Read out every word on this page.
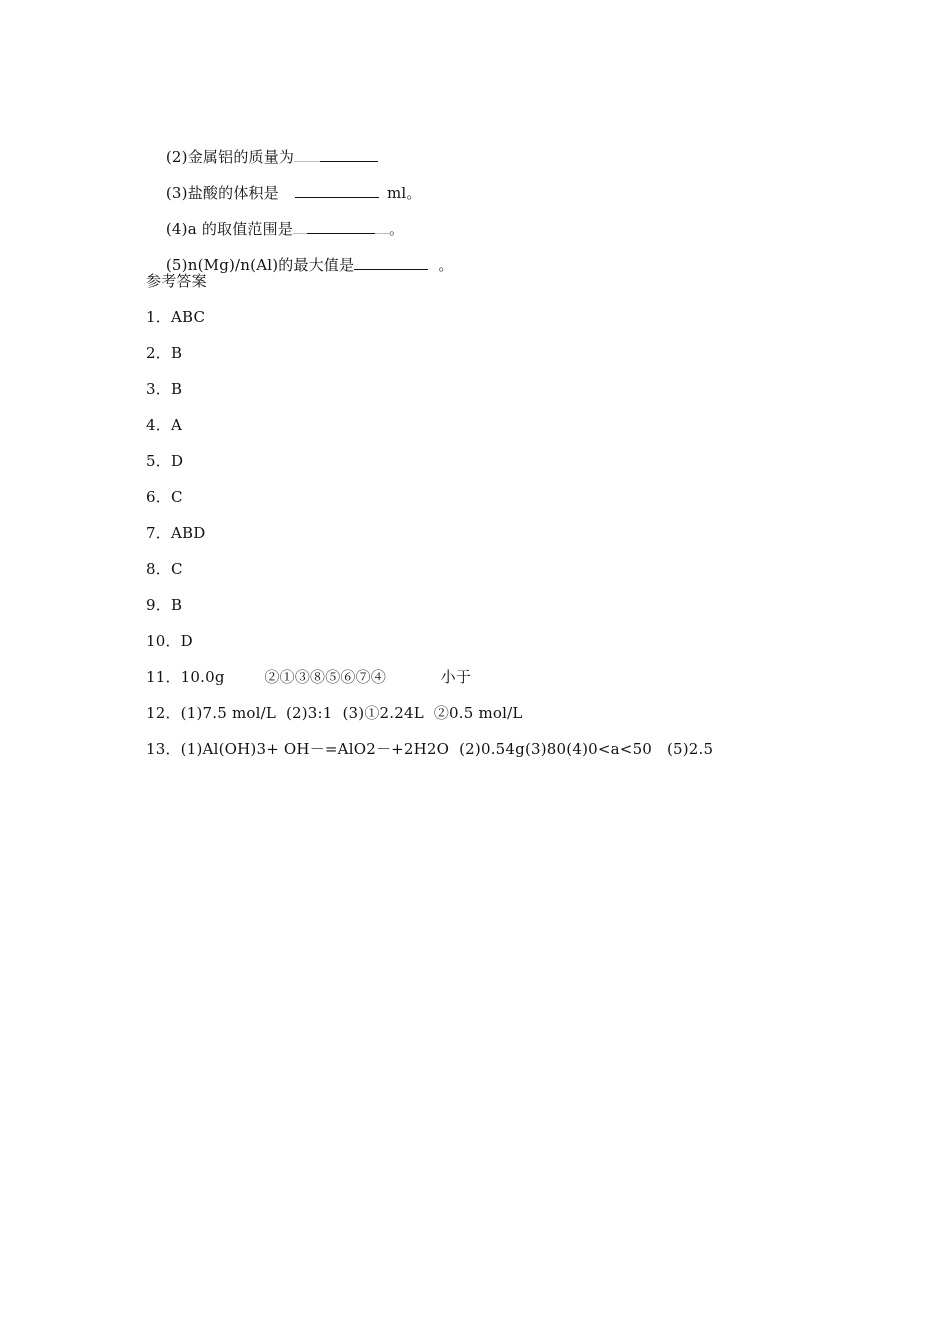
(2)金属铝的质量为

(3)盐酸的体积是	ml。

(4)a 的取值范围是	。

(5)n(Mg)/n(Al)的最大值是	。

参考答案
1．ABC
2．B
3．B
4．A
5．D
6．C
7．ABD
8．C
9．B
10．D
11．10.0g        ②①③⑧⑤⑥⑦④           小于
12．(1)7.5 mol/L  (2)3:1  (3)①2.24L  ②0.5 mol/L
13．(1)Al(OH)3+ OH－=AlO2－+2H2O  (2)0.54g(3)80(4)0<a<50   (5)2.5
